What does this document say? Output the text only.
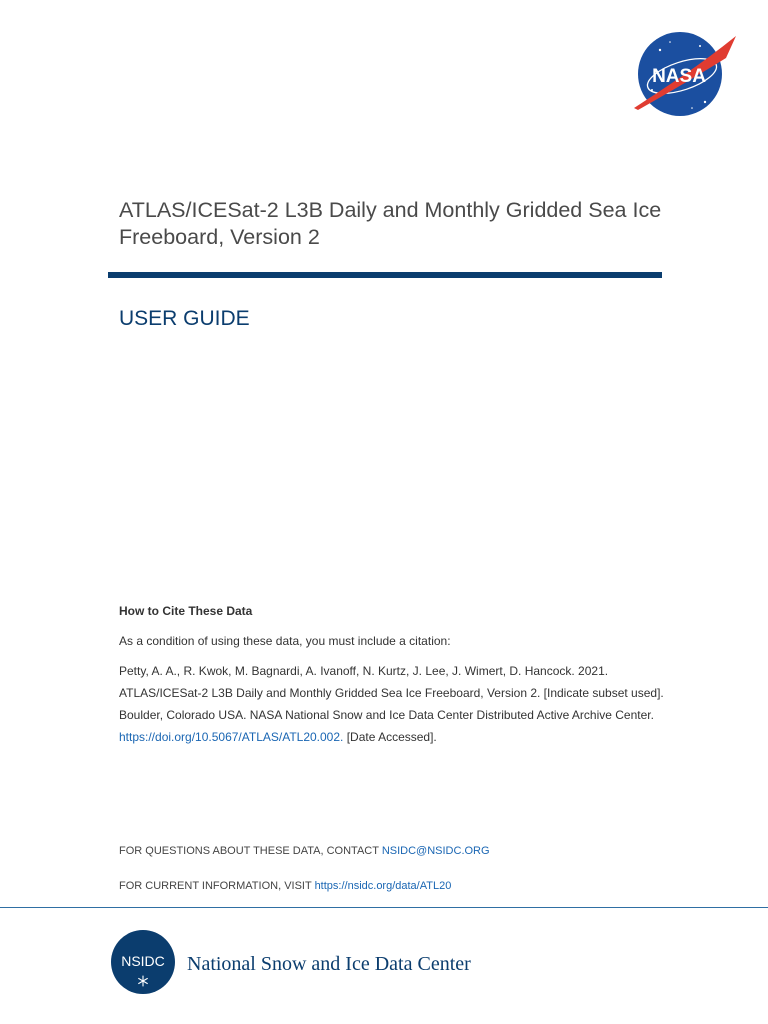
NASA
ATLAS/ICESat-2 L3B Daily and Monthly Gridded Sea Ice Freeboard, Version 2
USER GUIDE

How to Cite These Data

As a condition of using these data, you must include a citation:

Petty, A. A., R. Kwok, M. Bagnardi, A. Ivanoff, N. Kurtz, J. Lee, J. Wimert, D. Hancock. 2021. ATLAS/ICESat-2 L3B Daily and Monthly Gridded Sea Ice Freeboard, Version 2. [Indicate subset used]. Boulder, Colorado USA. NASA National Snow and Ice Data Center Distributed Active Archive Center. https://doi.org/10.5067/ATLAS/ATL20.002. [Date Accessed].

FOR QUESTIONS ABOUT THESE DATA, CONTACT NSIDC@NSIDC.ORG
FOR CURRENT INFORMATION, VISIT https://nsidc.org/data/ATL20
NSIDC National Snow and Ice Data Center
